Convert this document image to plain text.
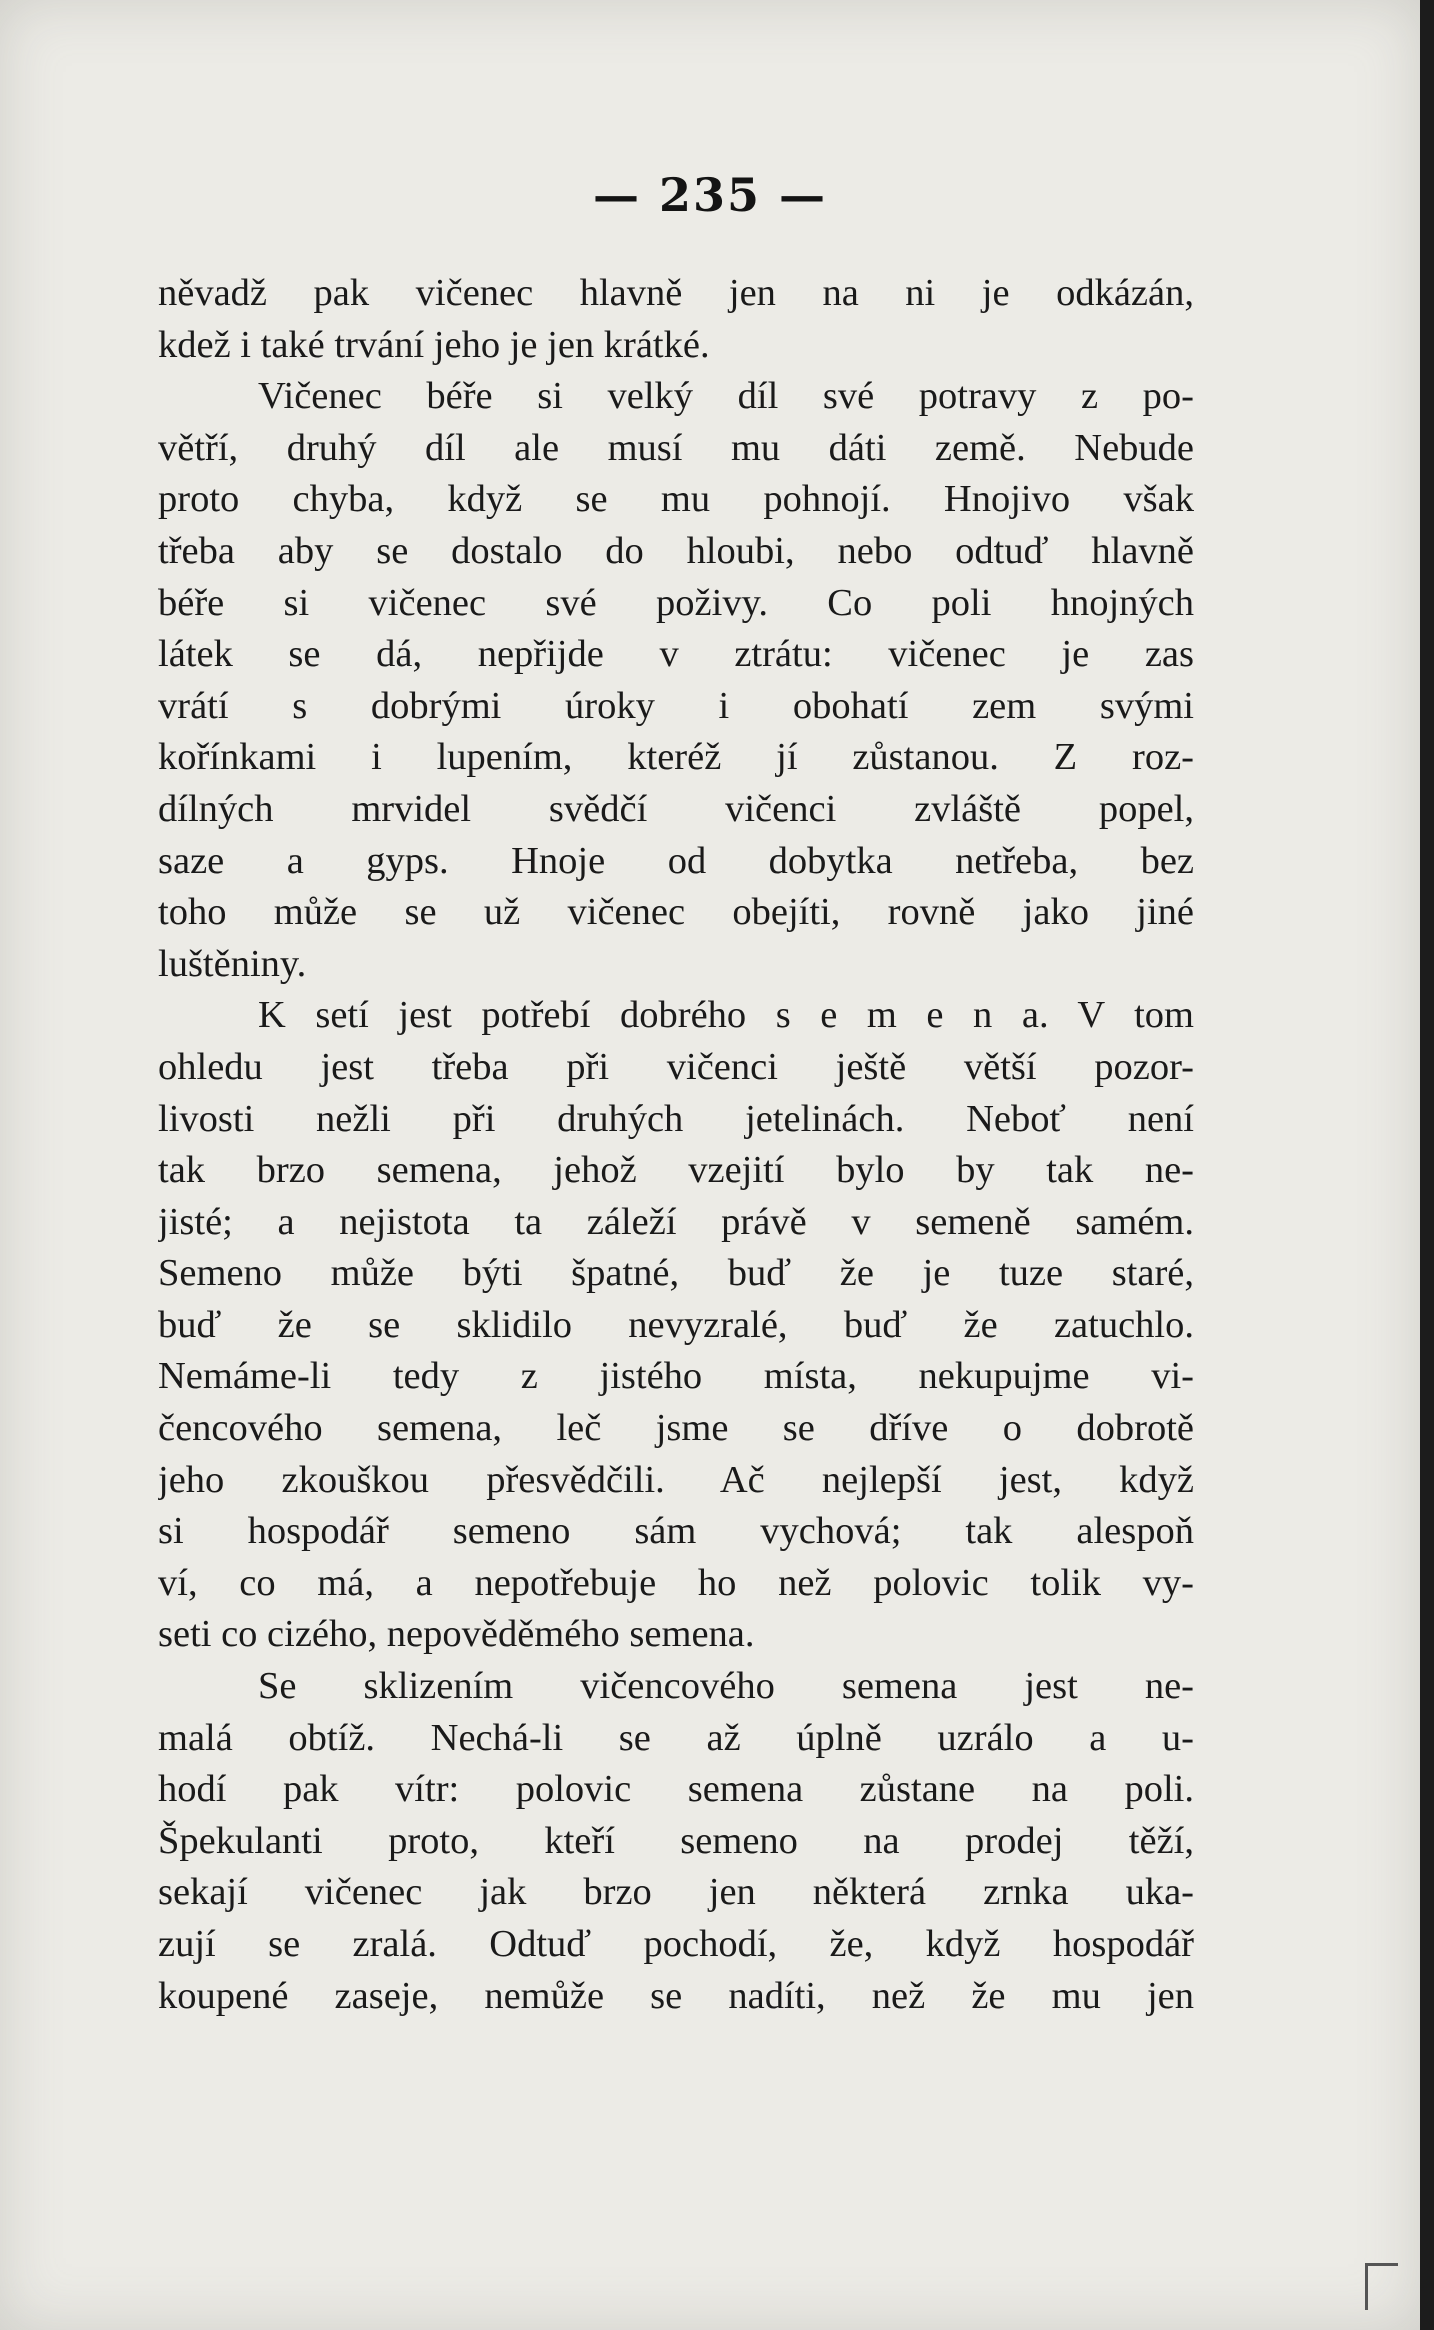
— 235 —
něvadž pak vičenec hlavně jen na ni je odkázán,
kdež i také trvání jeho je jen krátké.
Vičenec béře si velký díl své potravy z po-
větří, druhý díl ale musí mu dáti země. Nebude
proto chyba, když se mu pohnojí. Hnojivo však
třeba aby se dostalo do hloubi, nebo odtuď hlavně
béře si vičenec své poživy. Co poli hnojných
látek se dá, nepřijde v ztrátu: vičenec je zas
vrátí s dobrými úroky i obohatí zem svými
kořínkami i lupením, kteréž jí zůstanou. Z roz-
dílných mrvidel svědčí vičenci zvláště popel,
saze a gyps. Hnoje od dobytka netřeba, bez
toho může se už vičenec obejíti, rovně jako jiné
luštěniny.
K setí jest potřebí dobrého s e m e n a. V tom
ohledu jest třeba při vičenci ještě větší pozor-
livosti nežli při druhých jetelinách. Neboť není
tak brzo semena, jehož vzejití bylo by tak ne-
jisté; a nejistota ta záleží právě v semeně samém.
Semeno může býti špatné, buď že je tuze staré,
buď že se sklidilo nevyzralé, buď že zatuchlo.
Nemáme-li tedy z jistého místa, nekupujme vi-
čencového semena, leč jsme se dříve o dobrotě
jeho zkouškou přesvědčili. Ač nejlepší jest, když
si hospodář semeno sám vychová; tak alespoň
ví, co má, a nepotřebuje ho než polovic tolik vy-
seti co cizého, nepověděmého semena.
Se sklizením vičencového semena jest ne-
malá obtíž. Nechá-li se až úplně uzrálo a u-
hodí pak vítr: polovic semena zůstane na poli.
Špekulanti proto, kteří semeno na prodej těží,
sekají vičenec jak brzo jen některá zrnka uka-
zují se zralá. Odtuď pochodí, že, když hospodář
koupené zaseje, nemůže se nadíti, než že mu jen
